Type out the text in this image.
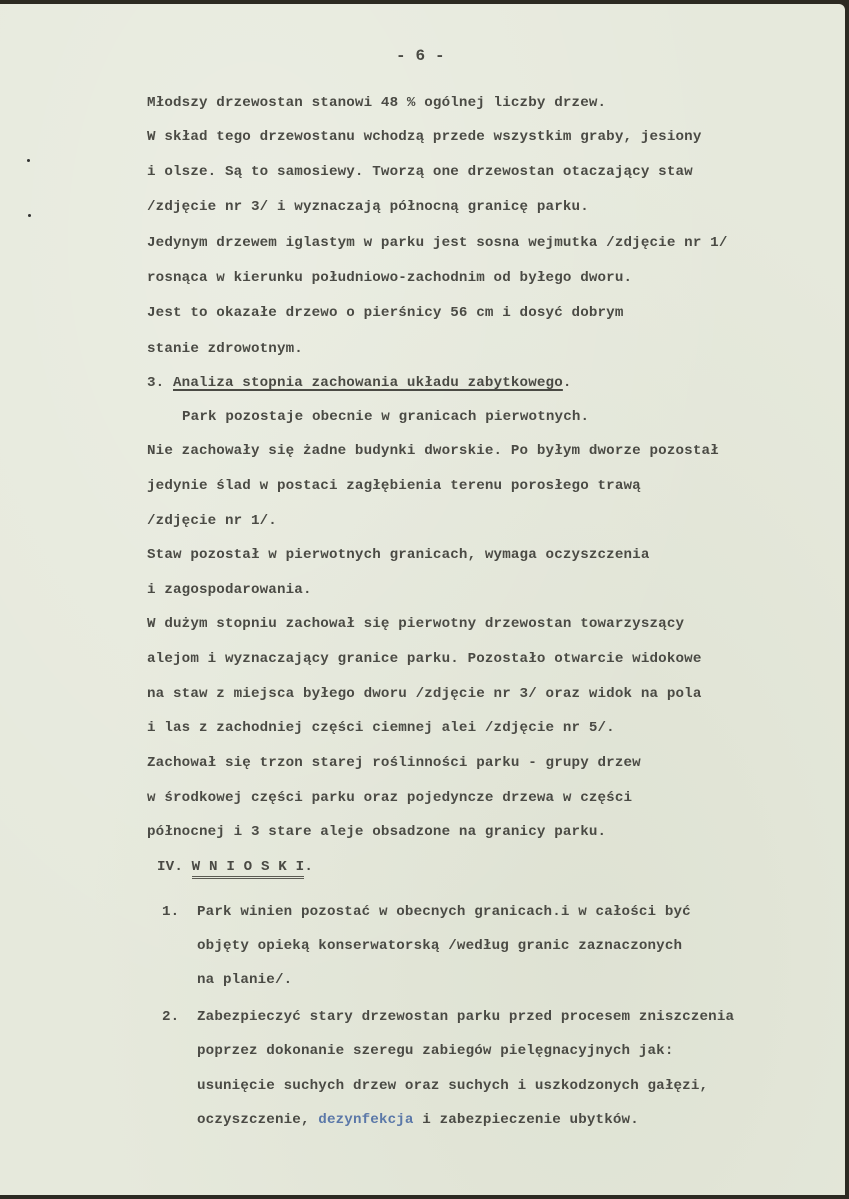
- 6 -
Młodszy drzewostan stanowi 48 % ogólnej liczby drzew.
W skład tego drzewostanu wchodzą przede wszystkim graby, jesiony
i olsze. Są to samosiewy. Tworzą one drzewostan otaczający staw
/zdjęcie nr 3/ i wyznaczają północną granicę parku.
Jedynym drzewem iglastym w parku jest sosna wejmutka /zdjęcie nr 1/
rosnąca w kierunku południowo-zachodnim od byłego dworu.
Jest to okazałe drzewo o pierśnicy 56 cm i dosyć dobrym
stanie zdrowotnym.
3. Analiza stopnia zachowania układu zabytkowego.
Park pozostaje obecnie w granicach pierwotnych.
Nie zachowały się żadne budynki dworskie. Po byłym dworze pozostał
jedynie ślad w postaci zagłębienia terenu porosłego trawą
/zdjęcie nr 1/.
Staw pozostał w pierwotnych granicach, wymaga oczyszczenia
i zagospodarowania.
W dużym stopniu zachował się pierwotny drzewostan towarzyszący
alejom i wyznaczający granice parku. Pozostało otwarcie widokowe
na staw z miejsca byłego dworu /zdjęcie nr 3/ oraz widok na pola
i las z zachodniej części ciemnej alei /zdjęcie nr 5/.
Zachował się trzon starej roślinności parku - grupy drzew
w środkowej części parku oraz pojedyncze drzewa w części
północnej i 3 stare aleje obsadzone na granicy parku.
IV. W N I O S K I.
1. Park winien pozostać w obecnych granicach.i w całości być
objęty opieką konserwatorską /według granic zaznaczonych
na planie/.
2. Zabezpieczyć stary drzewostan parku przed procesem zniszczenia
poprzez dokonanie szeregu zabiegów pielęgnacyjnych jak:
usunięcie suchych drzew oraz suchych i uszkodzonych gałęzi,
oczyszczenie, dezynfekcja i zabezpieczenie ubytków.
